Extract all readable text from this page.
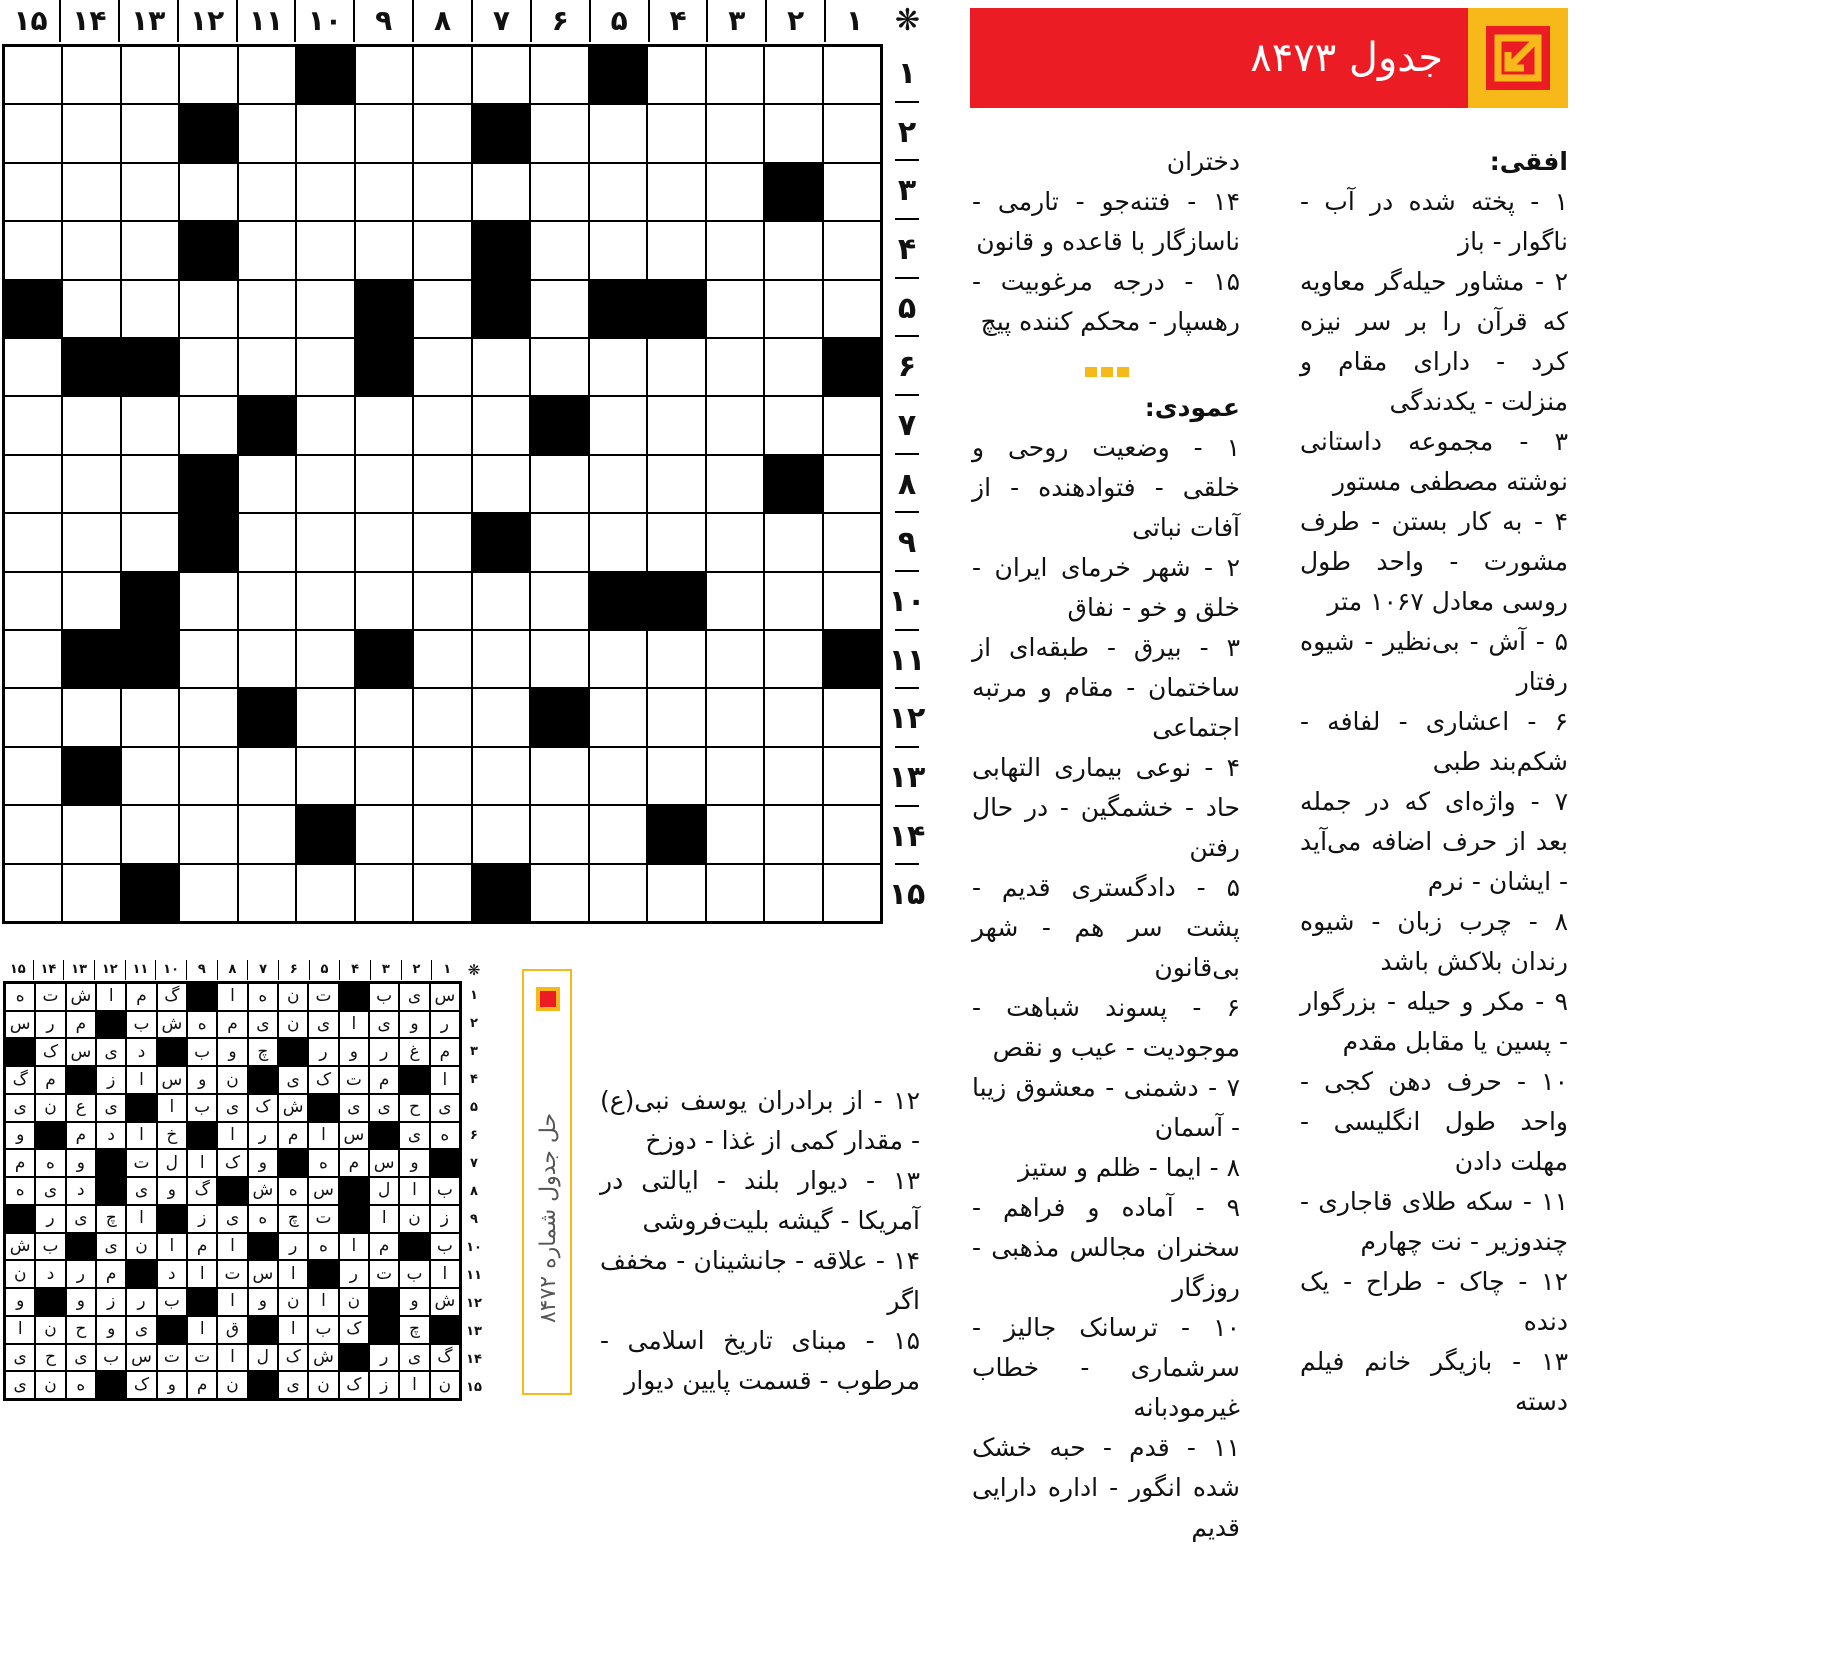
۱
۲
۳
۴
۵
۶
۷
۸
۹
۱۰
۱۱
۱۲
۱۳
۱۴
۱۵	❋
۱
۲
۳
۴
۵
۶
۷
۸
۹
۱۰
۱۱
۱۲
۱۳
۱۴
۱۵
جدول ۸۴۷۳

افقی:

۱ - پخته شده در آب - ناگوار - باز

۲ - مشاور حیله‌گر معاویه که قرآن را بر سر نیزه کرد - دارای مقام و منزلت - یکدندگی

۳ - مجموعه داستانی نوشته مصطفی مستور

۴ - به کار بستن - طرف مشورت - واحد طول روسی معادل ۱۰۶۷ متر

۵ - آش - بی‌نظیر - شیوه رفتار

۶ - اعشاری - لفافه - شکم‌بند طبی

۷ - واژه‌ای که در جمله بعد از حرف اضافه می‌آید - ایشان - نرم

۸ - چرب زبان - شیوه رندان بلاکش باشد

۹ - مکر و حیله - بزرگوار - پسین یا مقابل مقدم

۱۰ - حرف دهن کجی - واحد طول انگلیسی - مهلت دادن

۱۱ - سکه طلای قاجاری - چندوزیر - نت چهارم

۱۲ - چاک - طراح - یک دنده

۱۳ - بازیگر خانم فیلم دسته

دختران

۱۴ - فتنه‌جو - تارمی - ناسازگار با قاعده و قانون

۱۵ - درجه مرغوبیت - رهسپار - محکم کننده پیچ

عمودی:

۱ - وضعیت روحی و خلقی - فتوادهنده - از آفات نباتی

۲ - شهر خرمای ایران - خلق و خو - نفاق

۳ - بیرق - طبقه‌ای از ساختمان - مقام و مرتبه اجتماعی

۴ - نوعی بیماری التهابی حاد - خشمگین - در حال رفتن

۵ - دادگستری قدیم - پشت سر هم - شهر بی‌قانون

۶ - پسوند شباهت - موجودیت - عیب و نقص

۷ - دشمنی - معشوق زیبا - آسمان

۸ - ایما - ظلم و ستیز

۹ - آماده و فراهم - سخنران مجالس مذهبی - روزگار

۱۰ - ترسانک جالیز - سرشماری - خطاب غیرمودبانه

۱۱ - قدم - حبه خشک شده انگور - اداره دارایی قدیم

۱۲ - از برادران یوسف نبی(ع) - مقدار کمی از غذا - دوزخ

۱۳ - دیوار بلند - ایالتی در آمریکا - گیشه بلیت‌فروشی

۱۴ - علاقه - جانشینان - مخفف اگر

۱۵ - مبنای تاریخ اسلامی - مرطوب - قسمت پایین دیوار

۱
۲
۳
۴
۵
۶
۷
۸
۹
۱۰
۱۱
۱۲
۱۳
۱۴
۱۵	❋
س
ی
ب
ت
ن
ه
ا
گ
م
ا
ش
ت
ه
ر
و
ی
ا
ی
ن
ی
م
ه
ش
ب
م
ر
س
م
غ
ر
و
ر
چ
و
ب
د
ی
س
ک
ا
م
ت
ک
ی
ن
و
س
ا
ز
م
گ
ی
ح
ی
ی
ش
ک
ی
ب
ا
ی
ع
ن
ی
ه
ی
س
ا
م
ر
ا
خ
ا
د
م
و
و
س
م
ه
و
ک
ا
ل
ت
و
ه
م
ب
ا
ل
س
ه
ش
گ
و
ی
د
ی
ه
ز
ن
ا
ت
چ
ه
ی
ز
ا
چ
ی
ر
ب
م
ا
ه
ر
ا
م
ا
ن
ی
ب
ش
ا
ب
ت
ر
ا
س
ت
ا
د
م
ر
د
ن
ش
و
ن
ا
ن
و
ا
ب
ر
ز
و
و
چ
ک
ب
ا
ق
ا
ی
و
ح
ن
ا
گ
ی
ر
ش
ک
ل
ا
ت
ت
س
ب
ی
ح
ی
ن
ا
ز
ک
ن
ی
ن
م
و
ک
ه
ن
ی
۱
۲
۳
۴
۵
۶
۷
۸
۹
۱۰
۱۱
۱۲
۱۳
۱۴
۱۵
حل جدول شماره ۸۴۷۲
